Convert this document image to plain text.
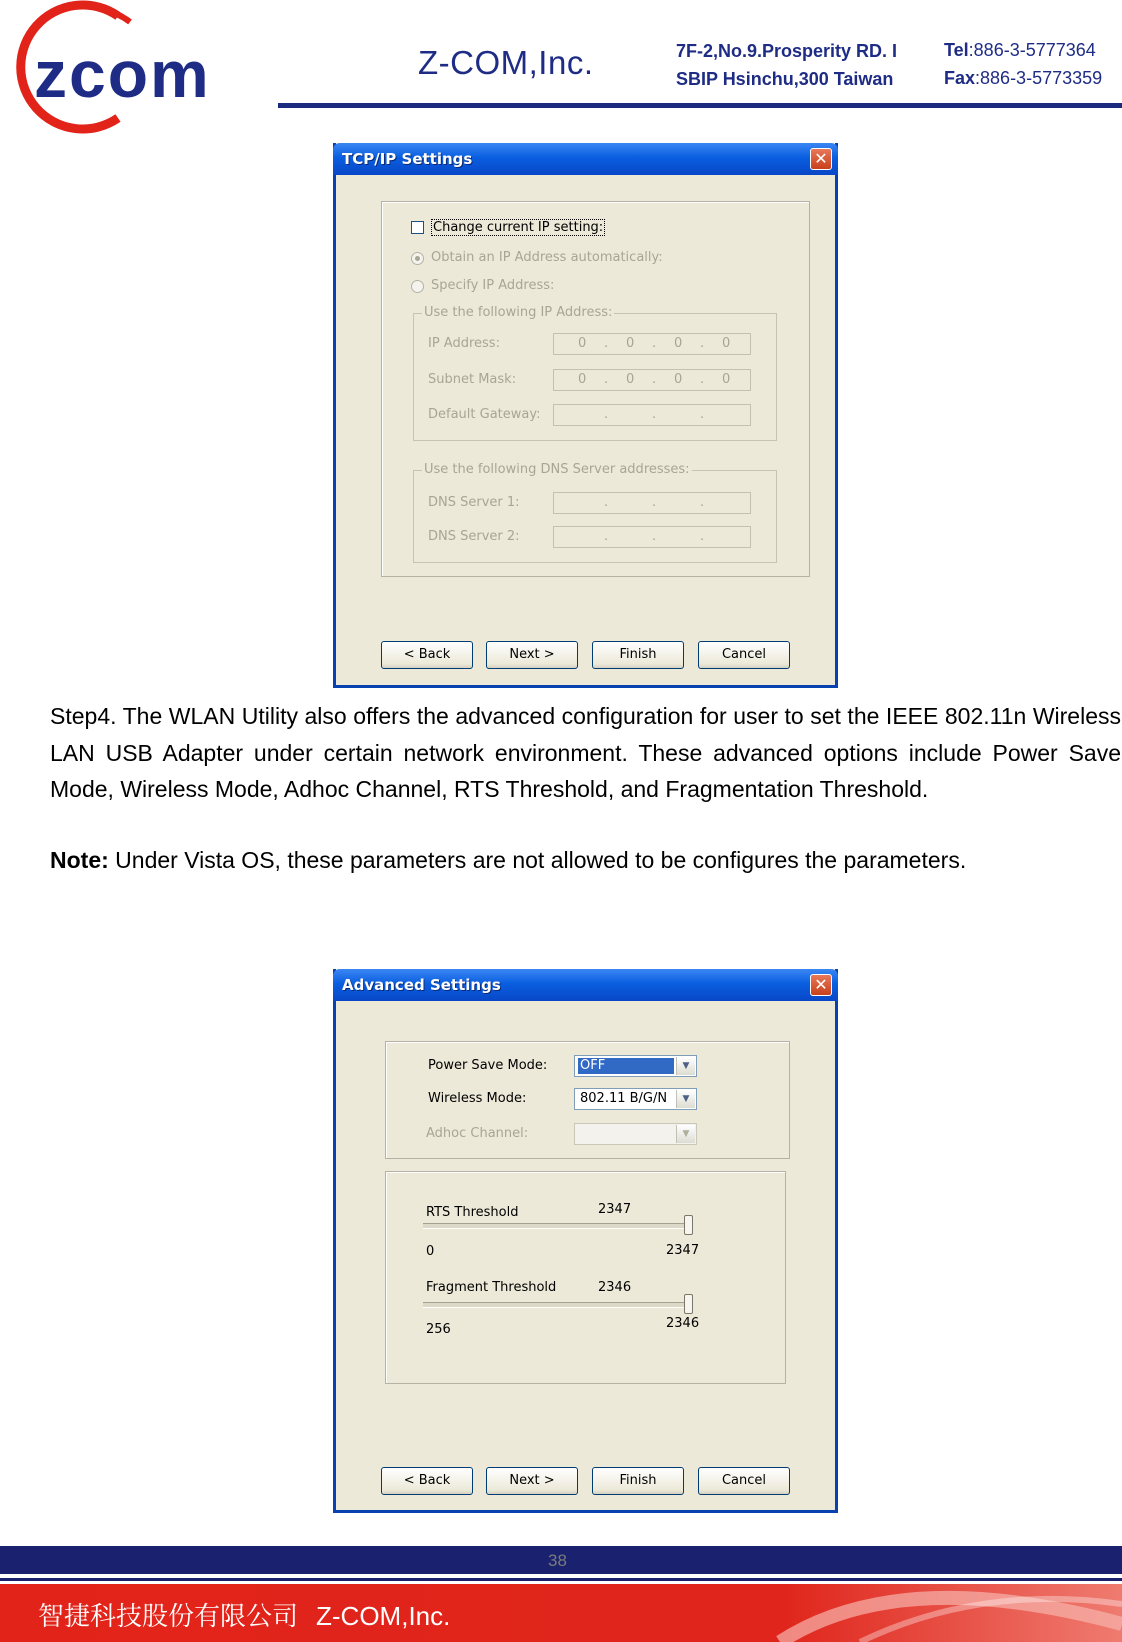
zcom	Z-COM,Inc.	7F-2,No.9.Prosperity RD. I
SBIP Hsinchu,300 Taiwan
Tel:886-3-5777364
Fax:886-3-5773359
TCP/IP Settings	✕
Change current IP setting:
Obtain an IP Address automatically:
Specify IP Address:
Use the following IP Address:
IP Address:	0 . 0 . 0 . 0
Subnet Mask:	0 . 0 . 0 . 0
Default Gateway:	.	.	.
Use the following DNS Server addresses:
DNS Server 1:	.	.	.
DNS Server 2:	.	.	.
< Back	Next >	Finish	Cancel
Step4. The WLAN Utility also offers the advanced configuration for user to set the IEEE 802.11n Wireless LAN USB Adapter under certain network environment. These advanced options include Power Save Mode, Wireless Mode, Adhoc Channel, RTS Threshold, and Fragmentation Threshold.
Note: Under Vista OS, these parameters are not allowed to be configures the parameters.
Advanced Settings	✕
Power Save Mode:	OFF	▼
Wireless Mode:	802.11 B/G/N	▼
Adhoc Channel:	▼
RTS Threshold	2347
0	2347
Fragment Threshold	2346
256	2346
< Back	Next >	Finish	Cancel
38
智捷科技股份有限公司 Z-COM,Inc.
